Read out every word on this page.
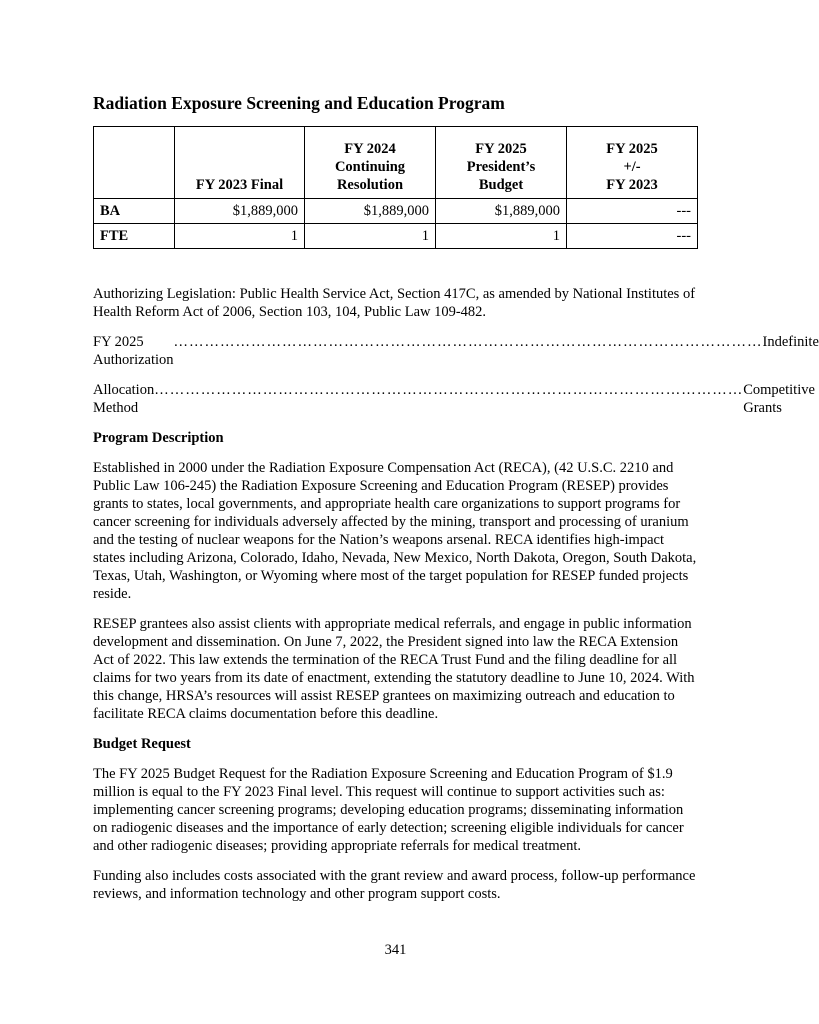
Radiation Exposure Screening and Education Program
	FY 2023 Final	FY 2024
Continuing
Resolution	FY 2025
President’s
Budget	FY 2025
+/-
FY 2023
BA	$1,889,000	$1,889,000	$1,889,000	---
FTE	1	1	1	---

Authorizing Legislation: Public Health Service Act, Section 417C, as amended by National Institutes of Health Reform Act of 2006, Section 103, 104, Public Law 109-482.

FY 2025 Authorization
…………………………………………………………………………………………………… Indefinite
Allocation Method
…………………………………………………………………………………………………… Competitive Grants
Program Description

Established in 2000 under the Radiation Exposure Compensation Act (RECA), (42 U.S.C. 2210 and Public Law 106-245) the Radiation Exposure Screening and Education Program (RESEP) provides grants to states, local governments, and appropriate health care organizations to support programs for cancer screening for individuals adversely affected by the mining, transport and processing of uranium and the testing of nuclear weapons for the Nation’s weapons arsenal. RECA identifies high-impact states including Arizona, Colorado, Idaho, Nevada, New Mexico, North Dakota, Oregon, South Dakota, Texas, Utah, Washington, or Wyoming where most of the target population for RESEP funded projects reside.

RESEP grantees also assist clients with appropriate medical referrals, and engage in public information development and dissemination. On June 7, 2022, the President signed into law the RECA Extension Act of 2022. This law extends the termination of the RECA Trust Fund and the filing deadline for all claims for two years from its date of enactment, extending the statutory deadline to June 10, 2024. With this change, HRSA’s resources will assist RESEP grantees on maximizing outreach and education to facilitate RECA claims documentation before this deadline.

Budget Request

The FY 2025 Budget Request for the Radiation Exposure Screening and Education Program of $1.9 million is equal to the FY 2023 Final level. This request will continue to support activities such as: implementing cancer screening programs; developing education programs; disseminating information on radiogenic diseases and the importance of early detection; screening eligible individuals for cancer and other radiogenic diseases; providing appropriate referrals for medical treatment.

Funding also includes costs associated with the grant review and award process, follow-up performance reviews, and information technology and other program support costs.

341
